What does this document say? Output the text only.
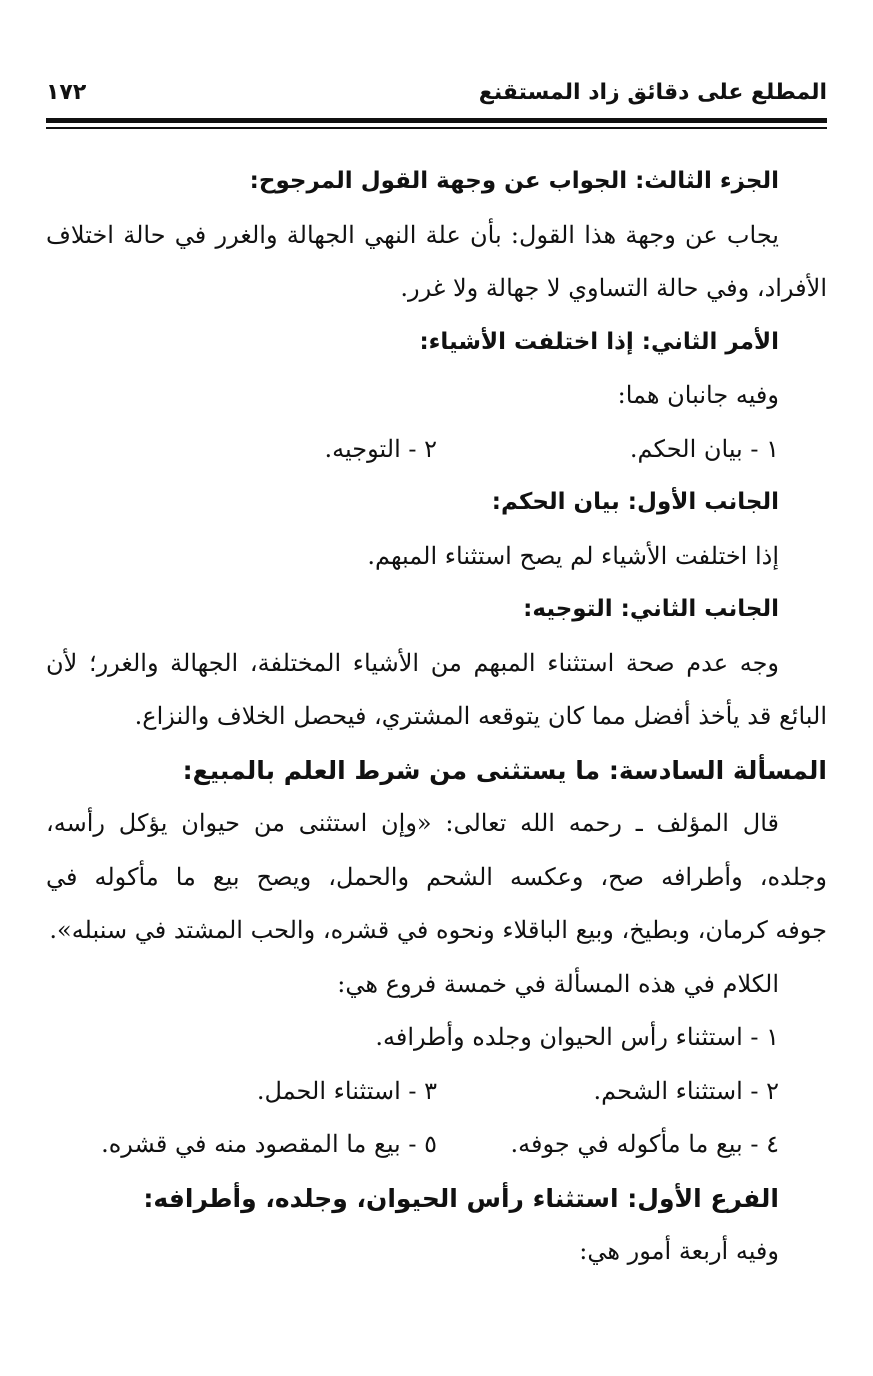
المطلع على دقائق زاد المستقنع
١٧٢
الجزء الثالث: الجواب عن وجهة القول المرجوح:
يجاب عن وجهة هذا القول: بأن علة النهي الجهالة والغرر في حالة اختلاف
الأفراد، وفي حالة التساوي لا جهالة ولا غرر.
الأمر الثاني: إذا اختلفت الأشياء:
وفيه جانبان هما:
١ - بيان الحكم.
٢ - التوجيه.
الجانب الأول: بيان الحكم:
إذا اختلفت الأشياء لم يصح استثناء المبهم.
الجانب الثاني: التوجيه:
وجه عدم صحة استثناء المبهم من الأشياء المختلفة، الجهالة والغرر؛ لأن
البائع قد يأخذ أفضل مما كان يتوقعه المشتري، فيحصل الخلاف والنزاع.
المسألة السادسة: ما يستثنى من شرط العلم بالمبيع:
قال المؤلف ـ رحمه الله تعالى: «وإن استثنى من حيوان يؤكل رأسه،
وجلده، وأطرافه صح، وعكسه الشحم والحمل، ويصح بيع ما مأكوله في
جوفه كرمان، وبطيخ، وبيع الباقلاء ونحوه في قشره، والحب المشتد في سنبله».
الكلام في هذه المسألة في خمسة فروع هي:
١ - استثناء رأس الحيوان وجلده وأطرافه.
٢ - استثناء الشحم.
٣ - استثناء الحمل.
٤ - بيع ما مأكوله في جوفه.
٥ - بيع ما المقصود منه في قشره.
الفرع الأول: استثناء رأس الحيوان، وجلده، وأطرافه:
وفيه أربعة أمور هي:
